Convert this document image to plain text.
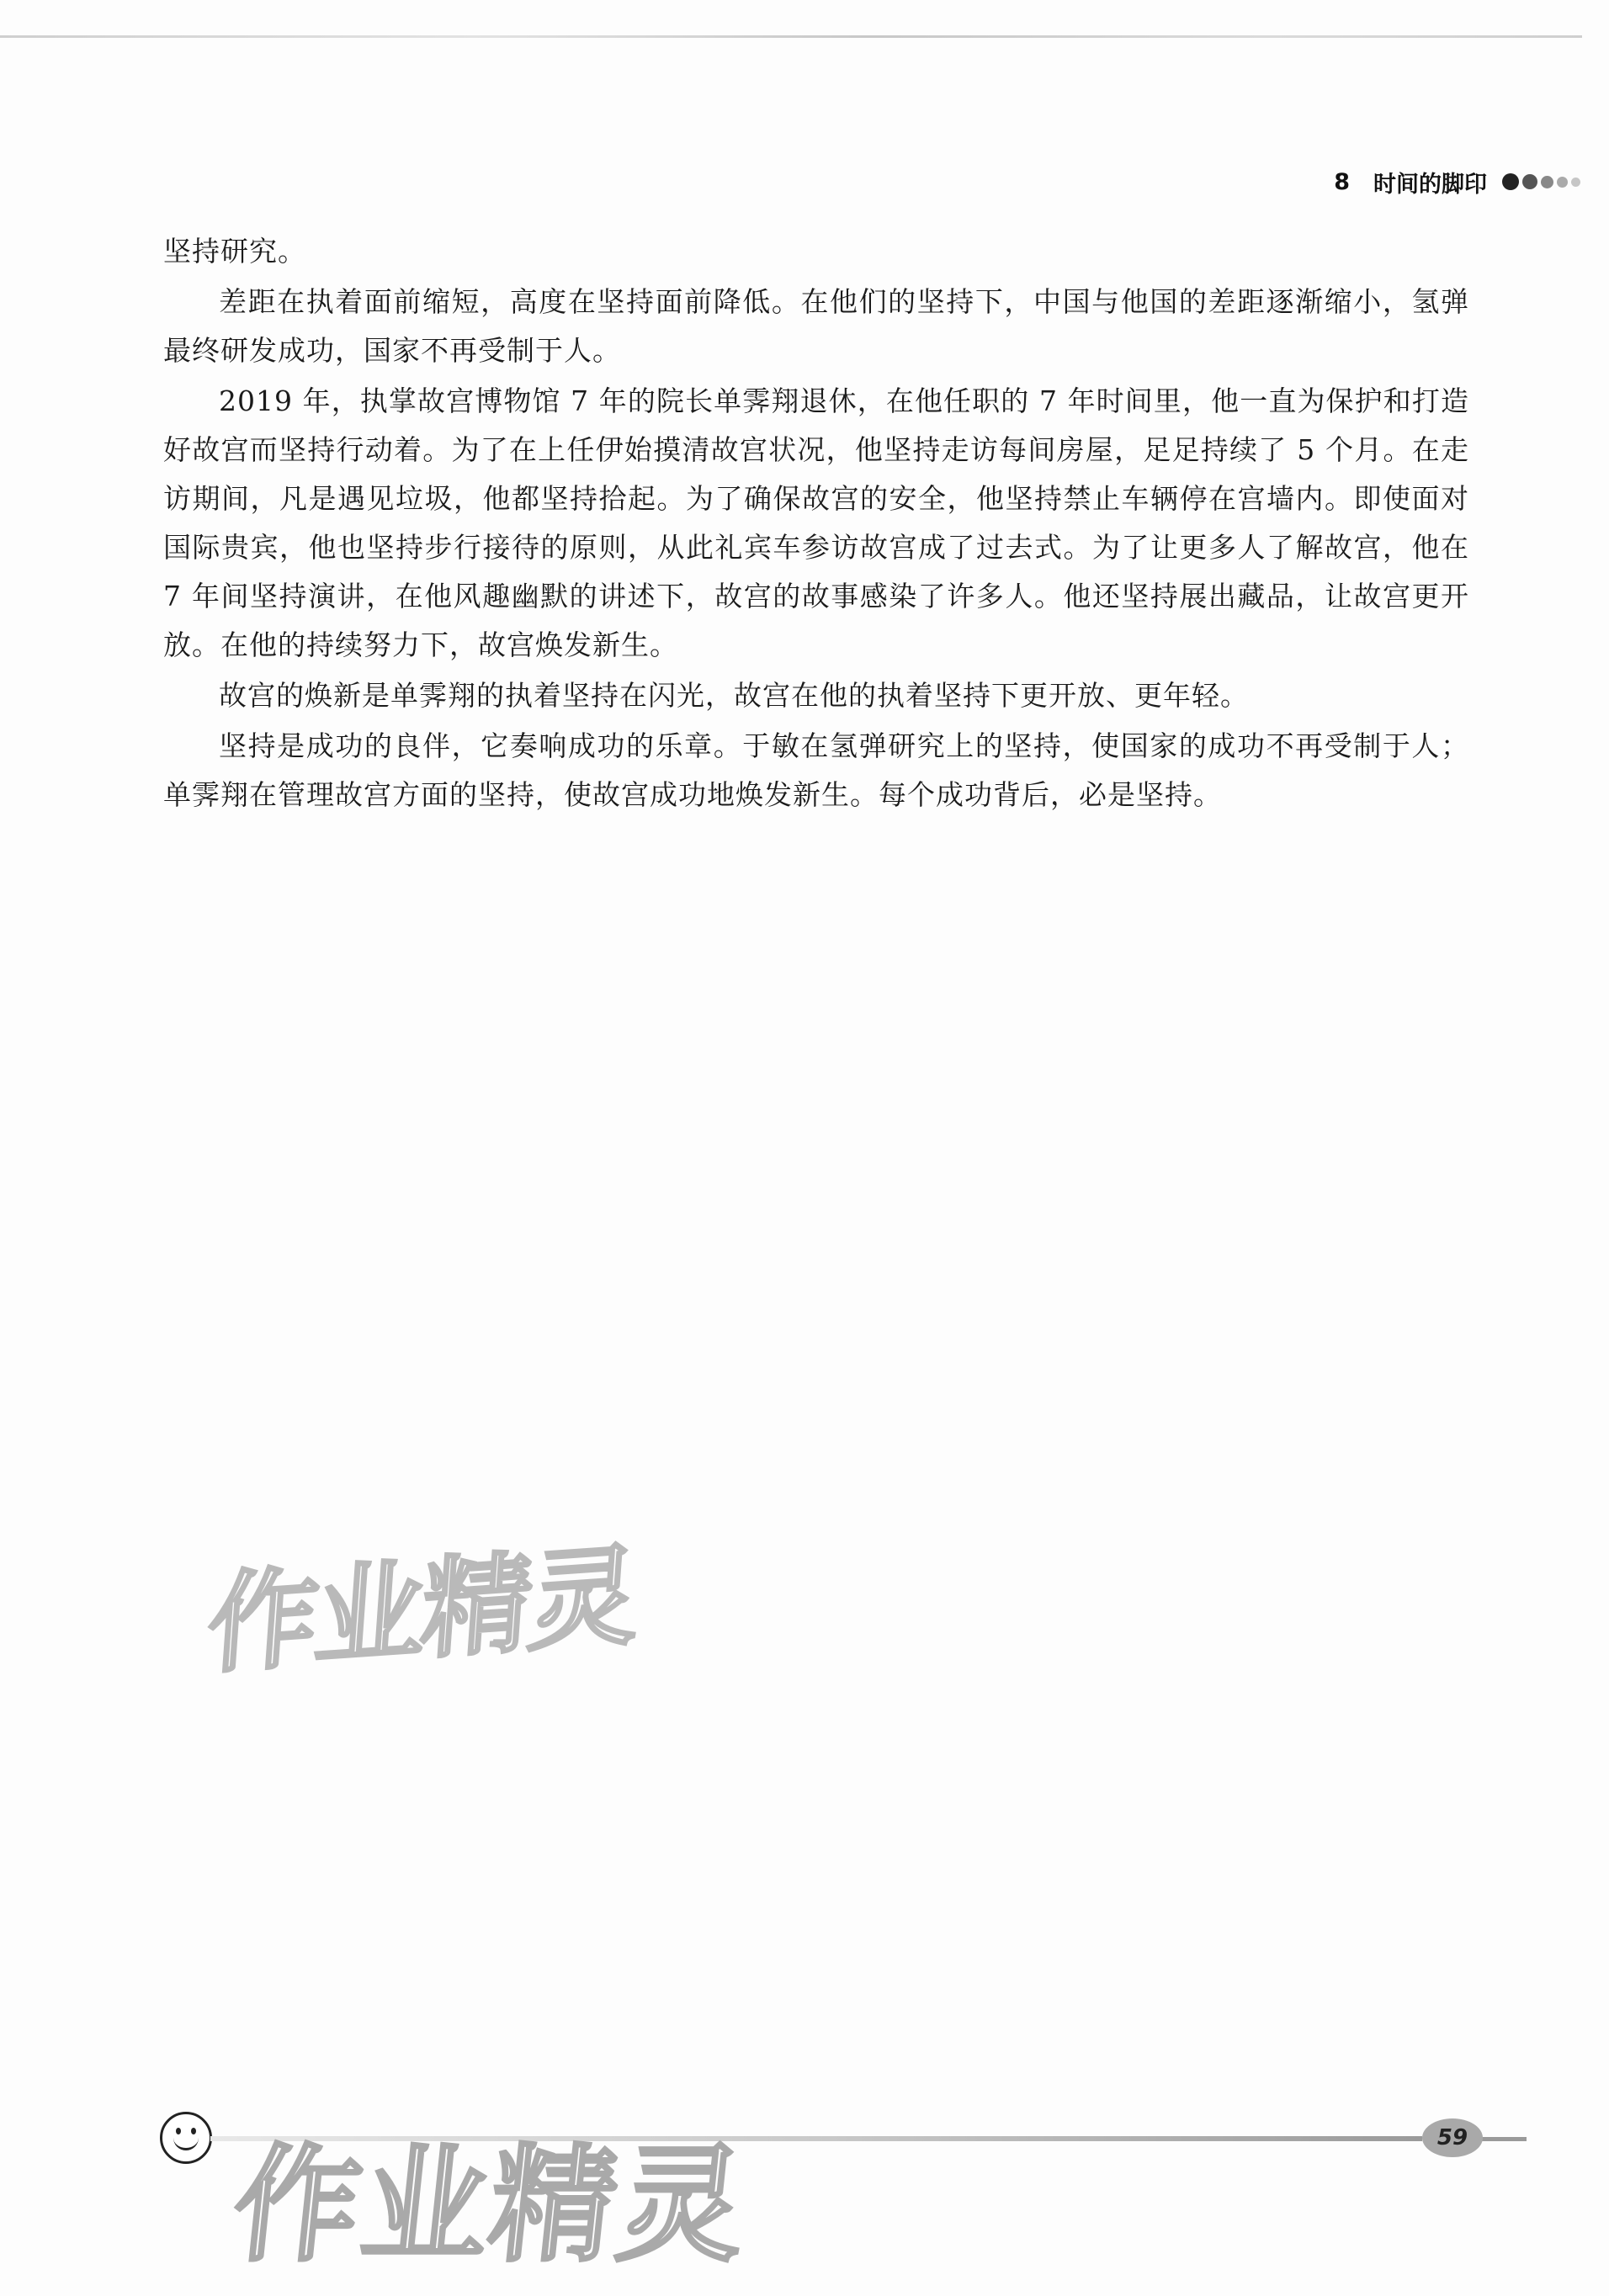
8 时间的脚印

坚持研究。

差距在执着面前缩短，高度在坚持面前降低。在他们的坚持下，中国与他国的差距逐渐缩小，氢弹最终研发成功，国家不再受制于人。

2019 年，执掌故宫博物馆 7 年的院长单霁翔退休，在他任职的 7 年时间里，他一直为保护和打造好故宫而坚持行动着。为了在上任伊始摸清故宫状况，他坚持走访每间房屋，足足持续了 5 个月。在走访期间，凡是遇见垃圾，他都坚持拾起。为了确保故宫的安全，他坚持禁止车辆停在宫墙内。即使面对国际贵宾，他也坚持步行接待的原则，从此礼宾车参访故宫成了过去式。为了让更多人了解故宫，他在 7 年间坚持演讲，在他风趣幽默的讲述下，故宫的故事感染了许多人。他还坚持展出藏品，让故宫更开放。在他的持续努力下，故宫焕发新生。

故宫的焕新是单霁翔的执着坚持在闪光，故宫在他的执着坚持下更开放、更年轻。

坚持是成功的良伴，它奏响成功的乐章。于敏在氢弹研究上的坚持，使国家的成功不再受制于人；单霁翔在管理故宫方面的坚持，使故宫成功地焕发新生。每个成功背后，必是坚持。

作业精灵
59
作业精灵
